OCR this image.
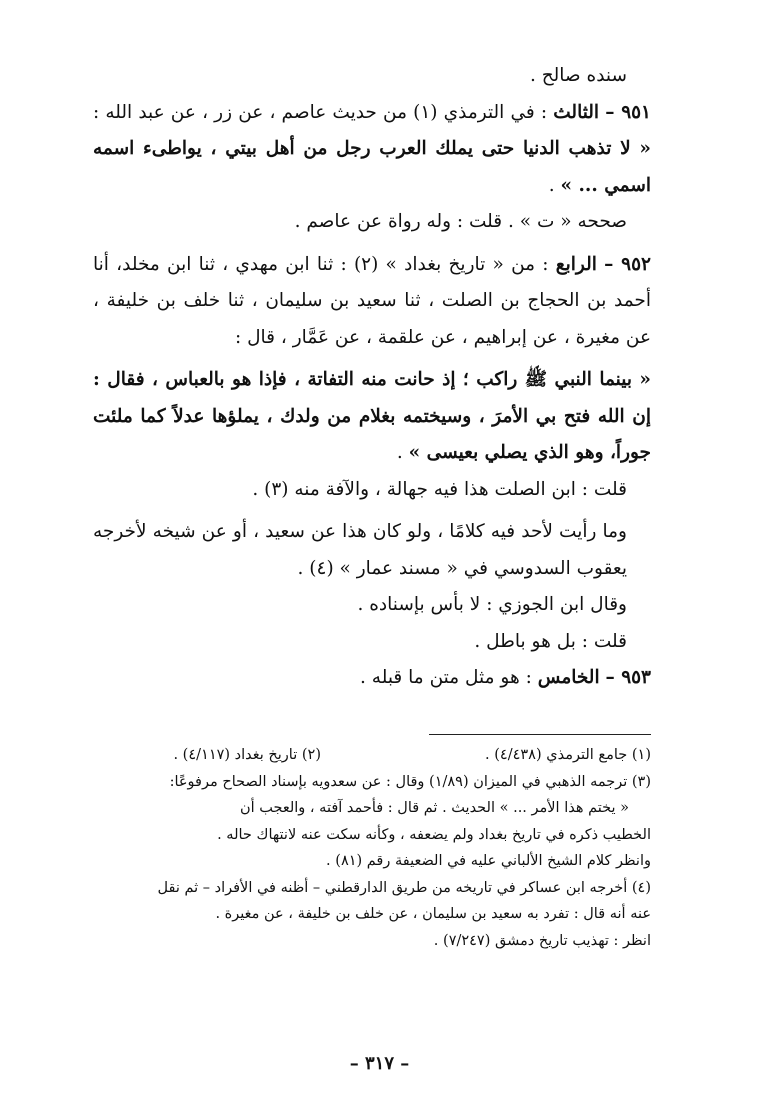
سنده صالح .

٩٥١ – الثالث : في الترمذي (١) من حديث عاصم ، عن زر ، عن عبد الله : « لا تذهب الدنيا حتى يملك العرب رجل من أهل بيتي ، يواطىء اسمه اسمي ... » .

صححه « ت » . قلت : وله رواة عن عاصم .

٩٥٢ – الرابع : من « تاريخ بغداد » (٢) : ثنا ابن مهدي ، ثنا ابن مخلد، أنا أحمد بن الحجاج بن الصلت ، ثنا سعيد بن سليمان ، ثنا خلف بن خليفة ، عن مغيرة ، عن إبراهيم ، عن علقمة ، عن عَمَّار ، قال :

« بينما النبي ﷺ راكب ؛ إذ حانت منه التفاتة ، فإذا هو بالعباس ، فقال : إن الله فتح بي الأمرَ ، وسيختمه بغلام من ولدك ، يملؤها عدلاً كما ملئت جوراً، وهو الذي يصلي بعيسى » .

قلت : ابن الصلت هذا فيه جهالة ، والآفة منه (٣) .

وما رأيت لأحد فيه كلامًا ، ولو كان هذا عن سعيد ، أو عن شيخه لأخرجه يعقوب السدوسي في « مسند عمار » (٤) .

وقال ابن الجوزي : لا بأس بإسناده .

قلت : بل هو باطل .

٩٥٣ – الخامس : هو مثل متن ما قبله .

(١) جامع الترمذي (٤/٤٣٨) .
(٢) تاريخ بغداد (٤/١١٧) .

(٣) ترجمه الذهبي في الميزان (١/٨٩) وقال : عن سعدويه بإسناد الصحاح مرفوعًا:

« يختم هذا الأمر ... » الحديث . ثم قال : فأحمد آفته ، والعجب أن

الخطيب ذكره في تاريخ بغداد ولم يضعفه ، وكأنه سكت عنه لانتهاك حاله .

وانظر كلام الشيخ الألباني عليه في الضعيفة رقم (٨١) .

(٤) أخرجه ابن عساكر في تاريخه من طريق الدارقطني – أظنه في الأفراد – ثم نقل

عنه أنه قال : تفرد به سعيد بن سليمان ، عن خلف بن خليفة ، عن مغيرة .

انظر : تهذيب تاريخ دمشق (٧/٢٤٧) .

– ٣١٧ –
